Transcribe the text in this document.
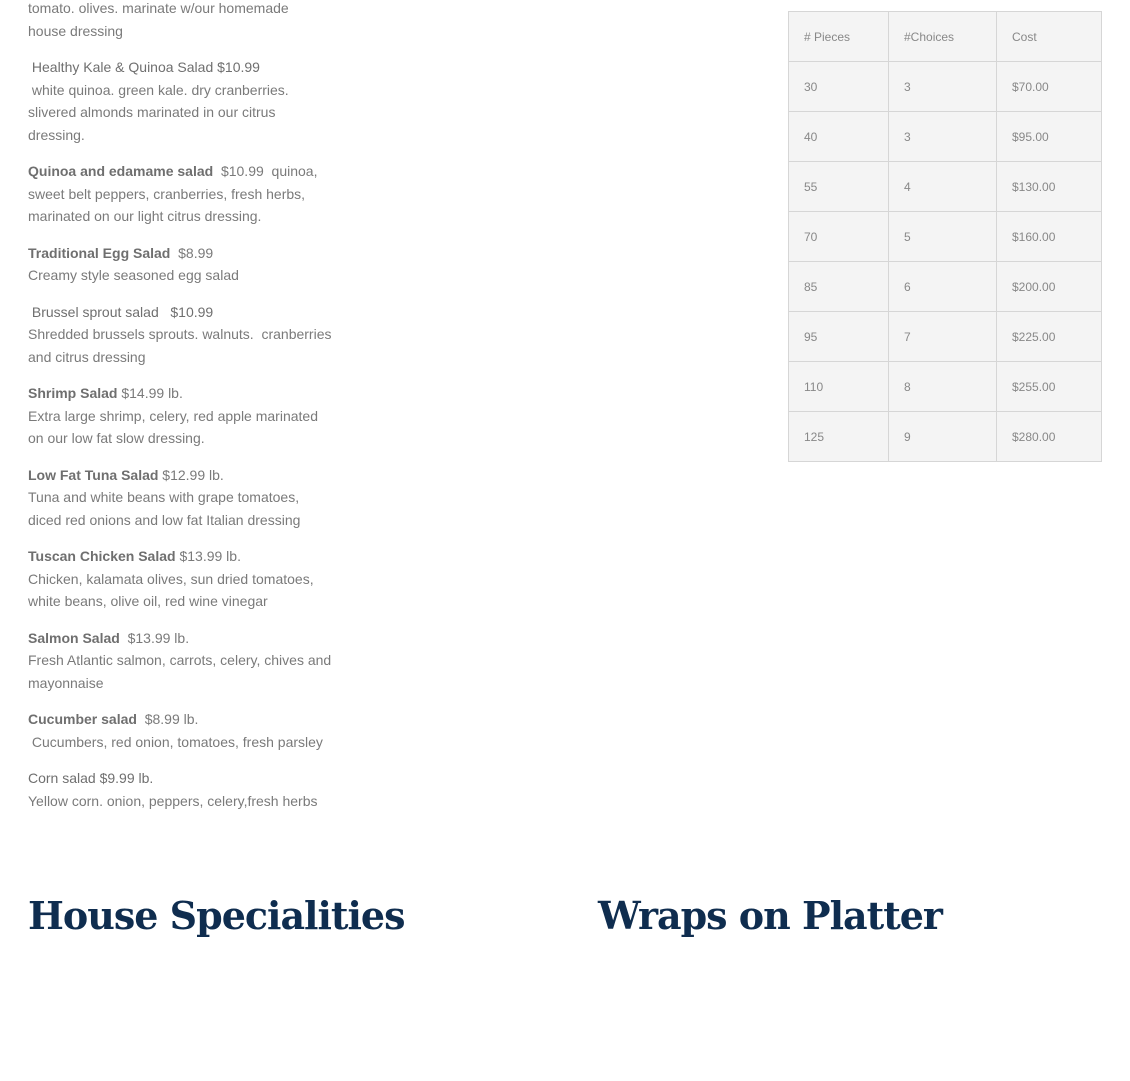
tomato. olives. marinate w/our homemade
house dressing
Healthy Kale & Quinoa Salad $10.99
white quinoa. green kale. dry cranberries.
slivered almonds marinated in our citrus
dressing.
Quinoa and edamame salad  $10.99  quinoa,
sweet belt peppers, cranberries, fresh herbs,
marinated on our light citrus dressing.
Traditional Egg Salad  $8.99
Creamy style seasoned egg salad
Brussel sprout salad   $10.99
Shredded brussels sprouts. walnuts.  cranberries
and citrus dressing
Shrimp Salad $14.99 lb.
Extra large shrimp, celery, red apple marinated
on our low fat slow dressing.
Low Fat Tuna Salad $12.99 lb.
Tuna and white beans with grape tomatoes,
diced red onions and low fat Italian dressing
Tuscan Chicken Salad $13.99 lb.
Chicken, kalamata olives, sun dried tomatoes,
white beans, olive oil, red wine vinegar
Salmon Salad  $13.99 lb.
Fresh Atlantic salmon, carrots, celery, chives and
mayonnaise
Cucumber salad  $8.99 lb.
Cucumbers, red onion, tomatoes, fresh parsley
Corn salad $9.99 lb.
Yellow corn. onion, peppers, celery,fresh herbs
# Pieces	#Choices	Cost
30	3	$70.00
40	3	$95.00
55	4	$130.00
70	5	$160.00
85	6	$200.00
95	7	$225.00
110	8	$255.00
125	9	$280.00
House Specialities	Wraps on Platter
